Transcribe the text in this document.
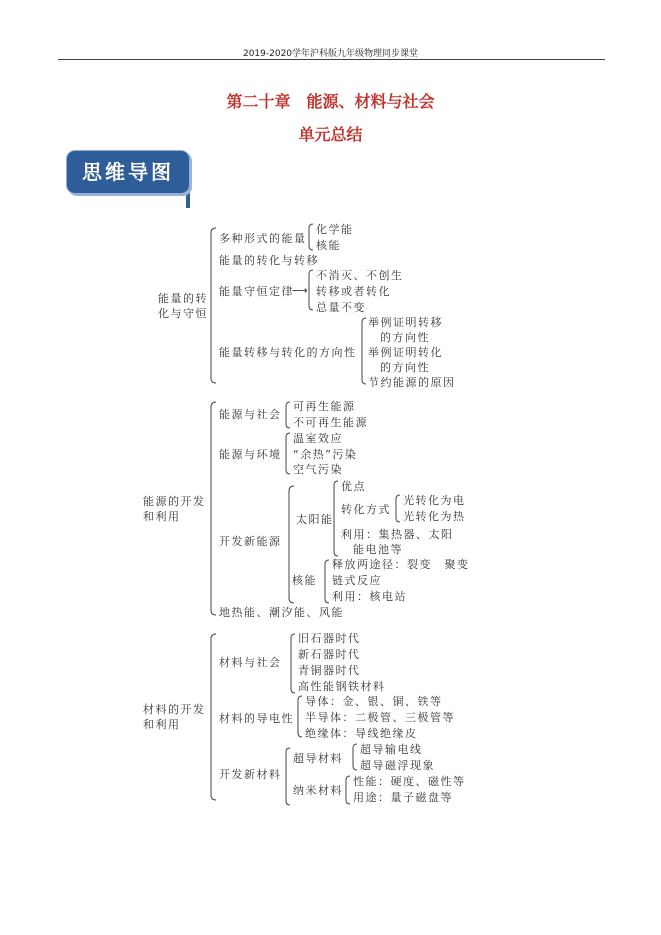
2019-2020学年沪科版九年级物理同步课堂
第二十章　能源、材料与社会
单元总结
思维导图
能量的转
化与守恒
多种形式的能量
化学能
核能
能量的转化与转移
能量守恒定律
⟶
不消灭、不创生
转移或者转化
总量不变
能量转移与转化的方向性
举例证明转移
的方向性
举例证明转化
的方向性
节约能源的原因
能源的开发
和利用
能源与社会
可再生能源
不可再生能源
能源与环境
温室效应
“余热”污染
空气污染
开发新能源
太阳能
优点
转化方式
光转化为电
光转化为热
利用：集热器、太阳
能电池等
核能
释放两途径：裂变　聚变
链式反应
利用：核电站
地热能、潮汐能、风能
材料的开发
和利用
材料与社会
旧石器时代
新石器时代
青铜器时代
高性能钢铁材料
材料的导电性
导体：金、银、铜、铁等
半导体：二极管、三极管等
绝缘体：导线绝缘皮
开发新材料
超导材料
超导输电线
超导磁浮现象
纳米材料
性能：硬度、磁性等
用途：量子磁盘等
